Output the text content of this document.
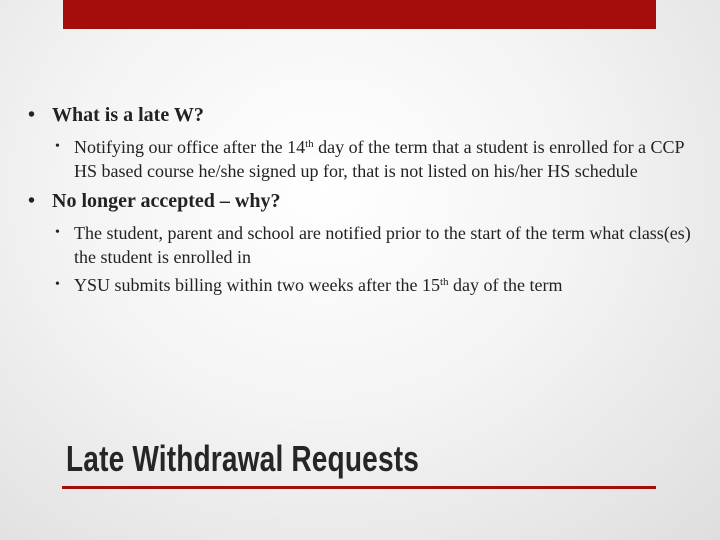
• What is a late W?
• Notifying our office after the 14th day of the term that a student is enrolled for a CCP HS based course he/she signed up for, that is not listed on his/her HS schedule
• No longer accepted – why?
• The student, parent and school are notified prior to the start of the term what class(es) the student is enrolled in
• YSU submits billing within two weeks after the 15th day of the term
Late Withdrawal Requests
